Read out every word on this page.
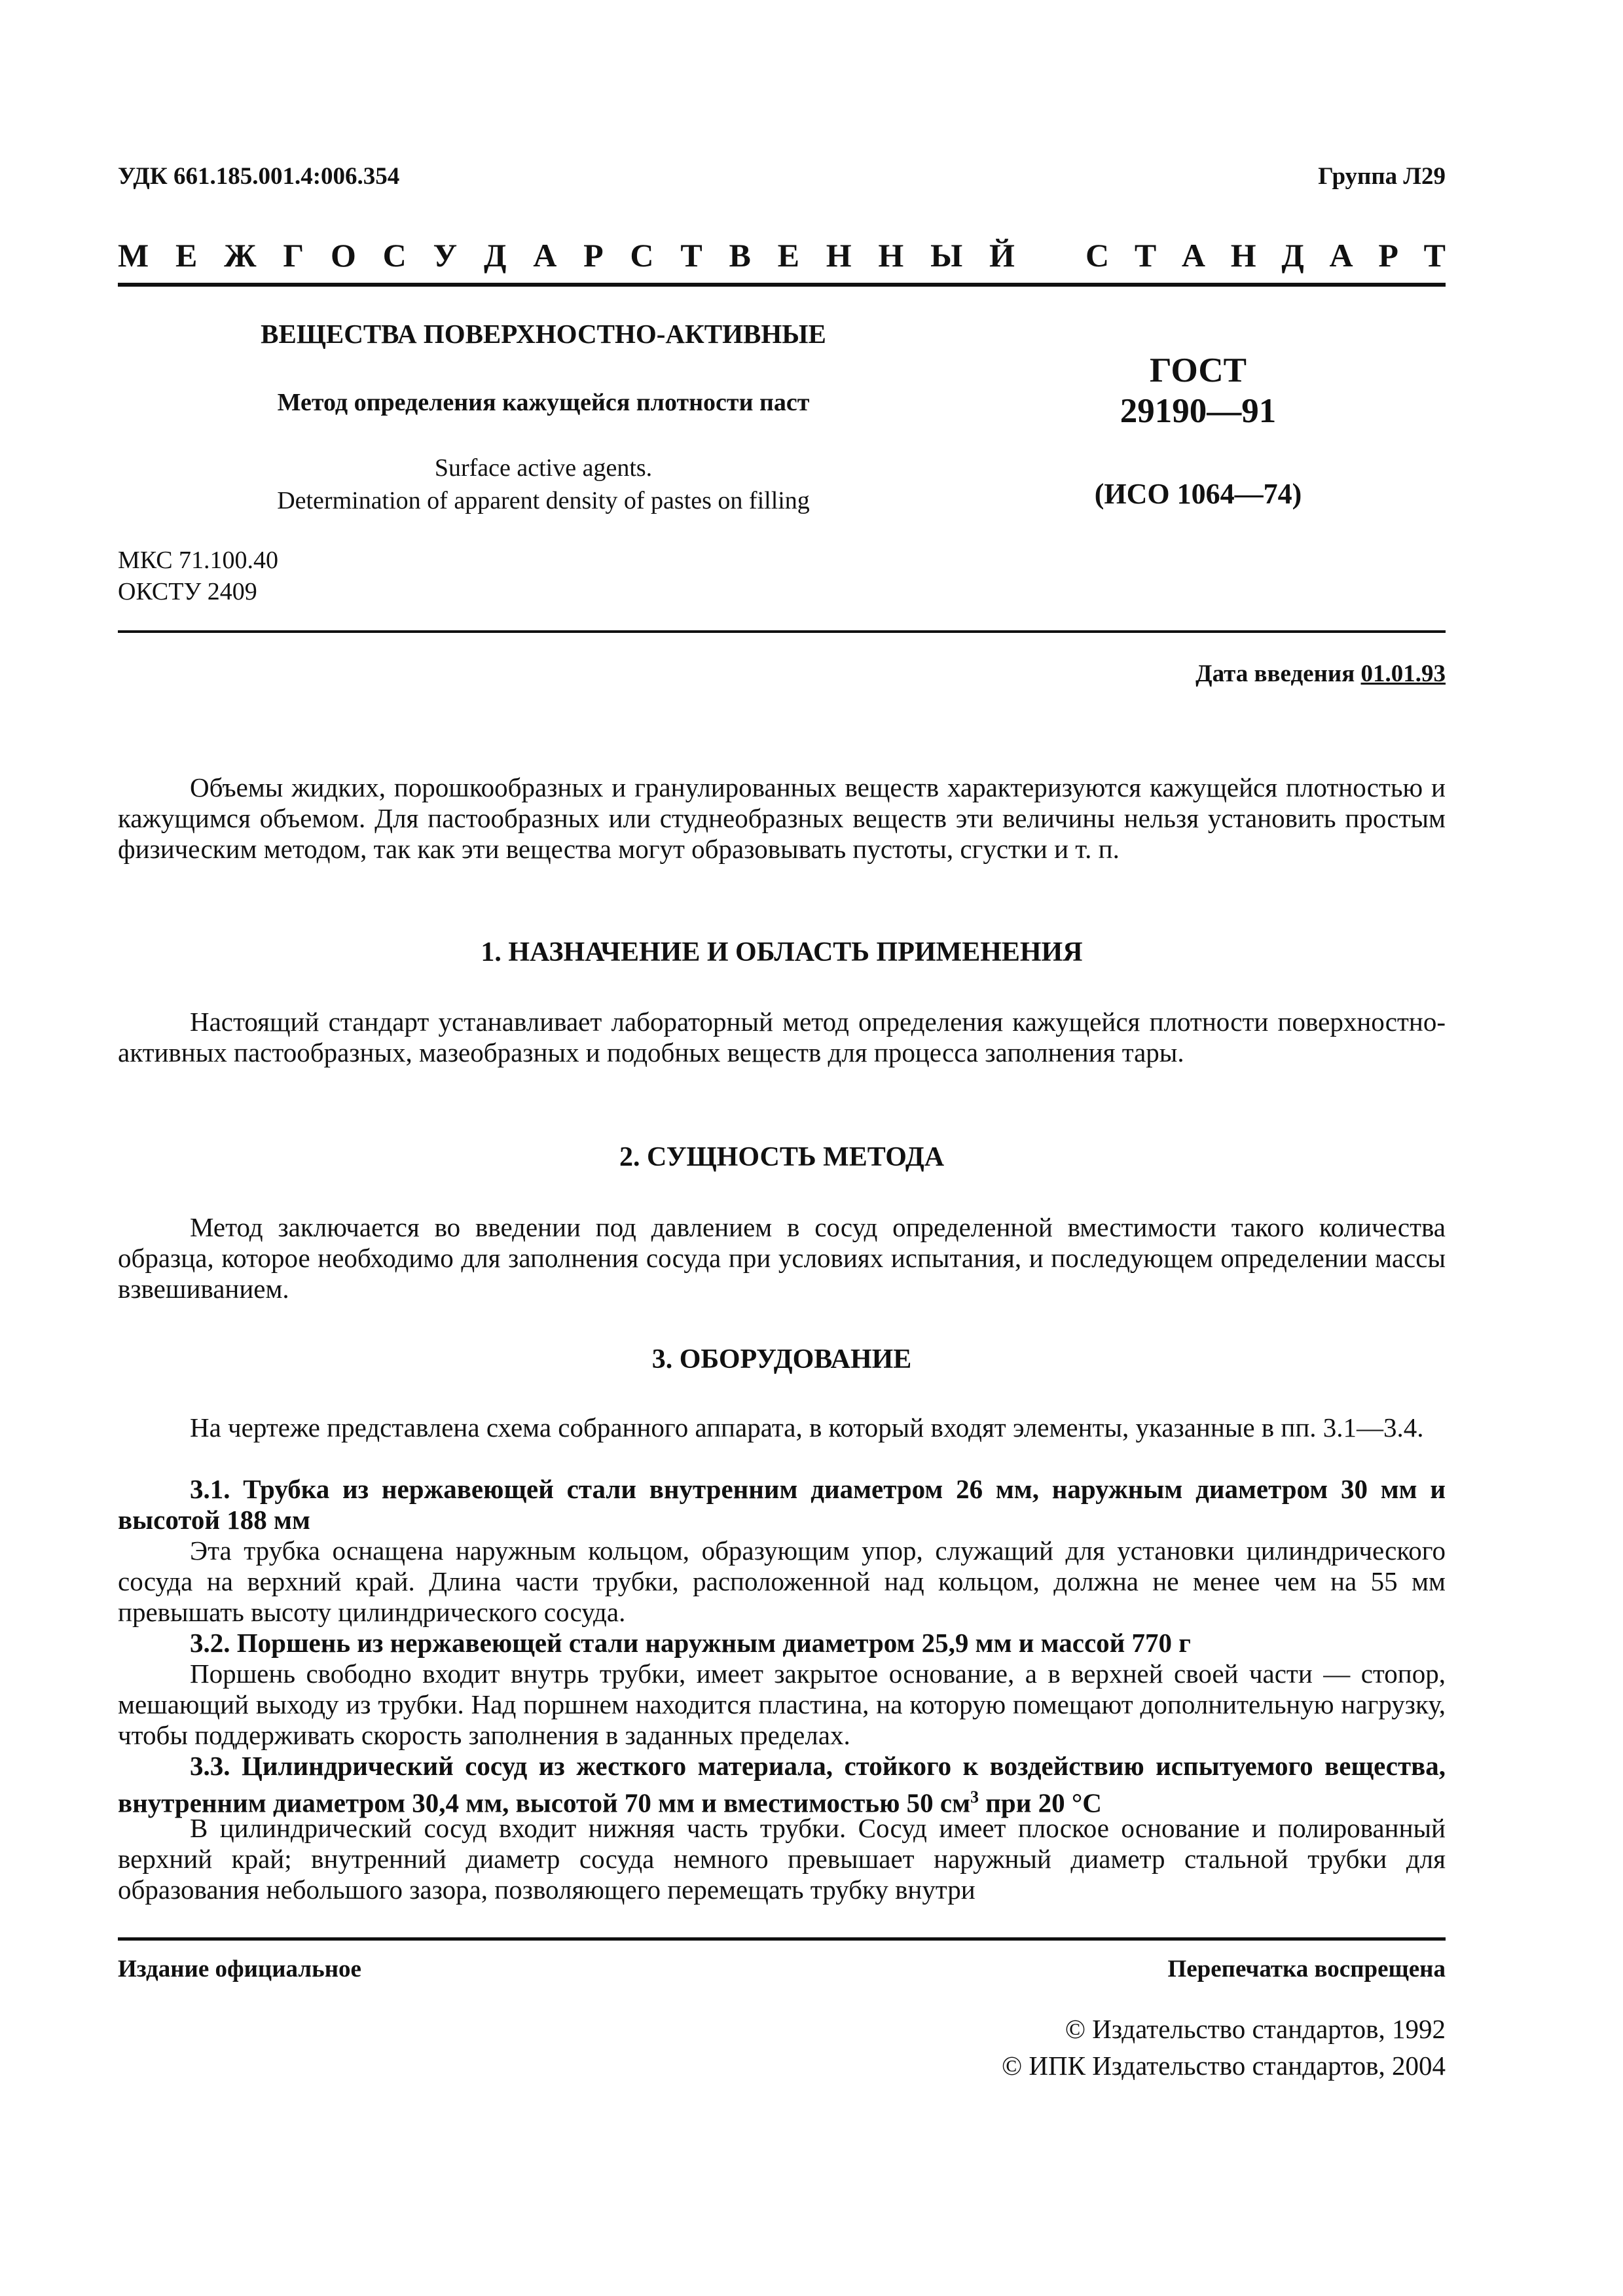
УДК 661.185.001.4:006.354	Группа Л29
М Е Ж Г О С У Д А Р С Т В Е Н Н Ы Й С Т А Н Д А Р Т
ВЕЩЕСТВА ПОВЕРХНОСТНО-АКТИВНЫЕ
Метод определения кажущейся плотности паст
Surface active agents.
Determination of apparent density of pastes on filling
ГОСТ
29190—91
(ИСО 1064—74)
МКС 71.100.40
ОКСТУ 2409
Дата введения 01.01.93
Объемы жидких, порошкообразных и гранулированных веществ характеризуются кажущейся плотностью и кажущимся объемом. Для пастообразных или студнеобразных веществ эти величины нельзя установить простым физическим методом, так как эти вещества могут образовывать пустоты, сгустки и т. п.
1. НАЗНАЧЕНИЕ И ОБЛАСТЬ ПРИМЕНЕНИЯ
Настоящий стандарт устанавливает лабораторный метод определения кажущейся плотности поверхностно-активных пастообразных, мазеобразных и подобных веществ для процесса заполнения тары.
2. СУЩНОСТЬ МЕТОДА
Метод заключается во введении под давлением в сосуд определенной вместимости такого количества образца, которое необходимо для заполнения сосуда при условиях испытания, и последующем определении массы взвешиванием.
3. ОБОРУДОВАНИЕ
На чертеже представлена схема собранного аппарата, в который входят элементы, указанные в пп. 3.1—3.4.
3.1. Трубка из нержавеющей стали внутренним диаметром 26 мм, наружным диаметром 30 мм и высотой 188 мм
Эта трубка оснащена наружным кольцом, образующим упор, служащий для установки цилиндрического сосуда на верхний край. Длина части трубки, расположенной над кольцом, должна не менее чем на 55 мм превышать высоту цилиндрического сосуда.
3.2. Поршень из нержавеющей стали наружным диаметром 25,9 мм и массой 770 г
Поршень свободно входит внутрь трубки, имеет закрытое основание, а в верхней своей части — стопор, мешающий выходу из трубки. Над поршнем находится пластина, на которую помещают дополнительную нагрузку, чтобы поддерживать скорость заполнения в заданных пределах.
3.3. Цилиндрический сосуд из жесткого материала, стойкого к воздействию испытуемого вещества, внутренним диаметром 30,4 мм, высотой 70 мм и вместимостью 50 $см^3$ при 20 °С
В цилиндрический сосуд входит нижняя часть трубки. Сосуд имеет плоское основание и полированный верхний край; внутренний диаметр сосуда немного превышает наружный диаметр стальной трубки для образования небольшого зазора, позволяющего перемещать трубку внутри
Издание официальное	Перепечатка воспрещена
© Издательство стандартов, 1992
© ИПК Издательство стандартов, 2004
